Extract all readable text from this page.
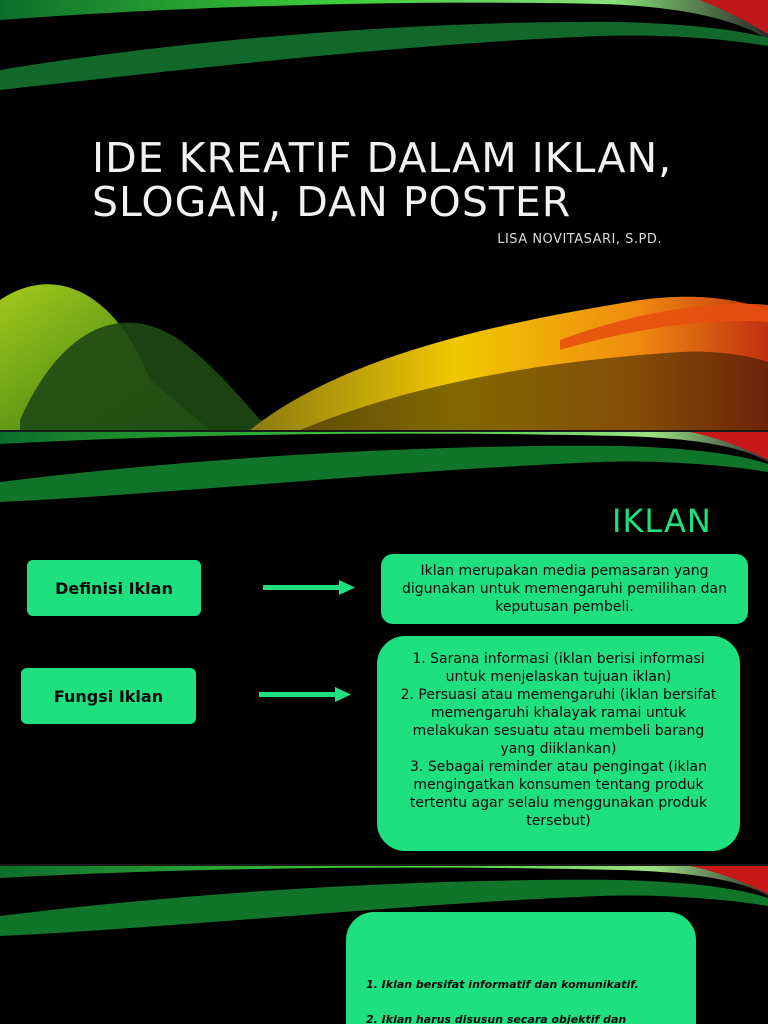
IDE KREATIF DALAM IKLAN,
SLOGAN, DAN POSTER
LISA NOVITASARI, S.PD.
IKLAN
Definisi Iklan
Iklan merupakan media pemasaran yang digunakan untuk memengaruhi pemilihan dan keputusan pembeli.
Fungsi Iklan
1. Sarana informasi (iklan berisi informasi untuk menjelaskan tujuan iklan)
2. Persuasi atau memengaruhi (iklan bersifat memengaruhi khalayak ramai untuk melakukan sesuatu atau membeli barang yang diiklankan)
3. Sebagai reminder atau pengingat (iklan mengingatkan konsumen tentang produk tertentu agar selalu menggunakan produk tersebut)
1. Iklan bersifat informatif dan komunikatif.
2. Iklan harus disusun secara objektif dan
